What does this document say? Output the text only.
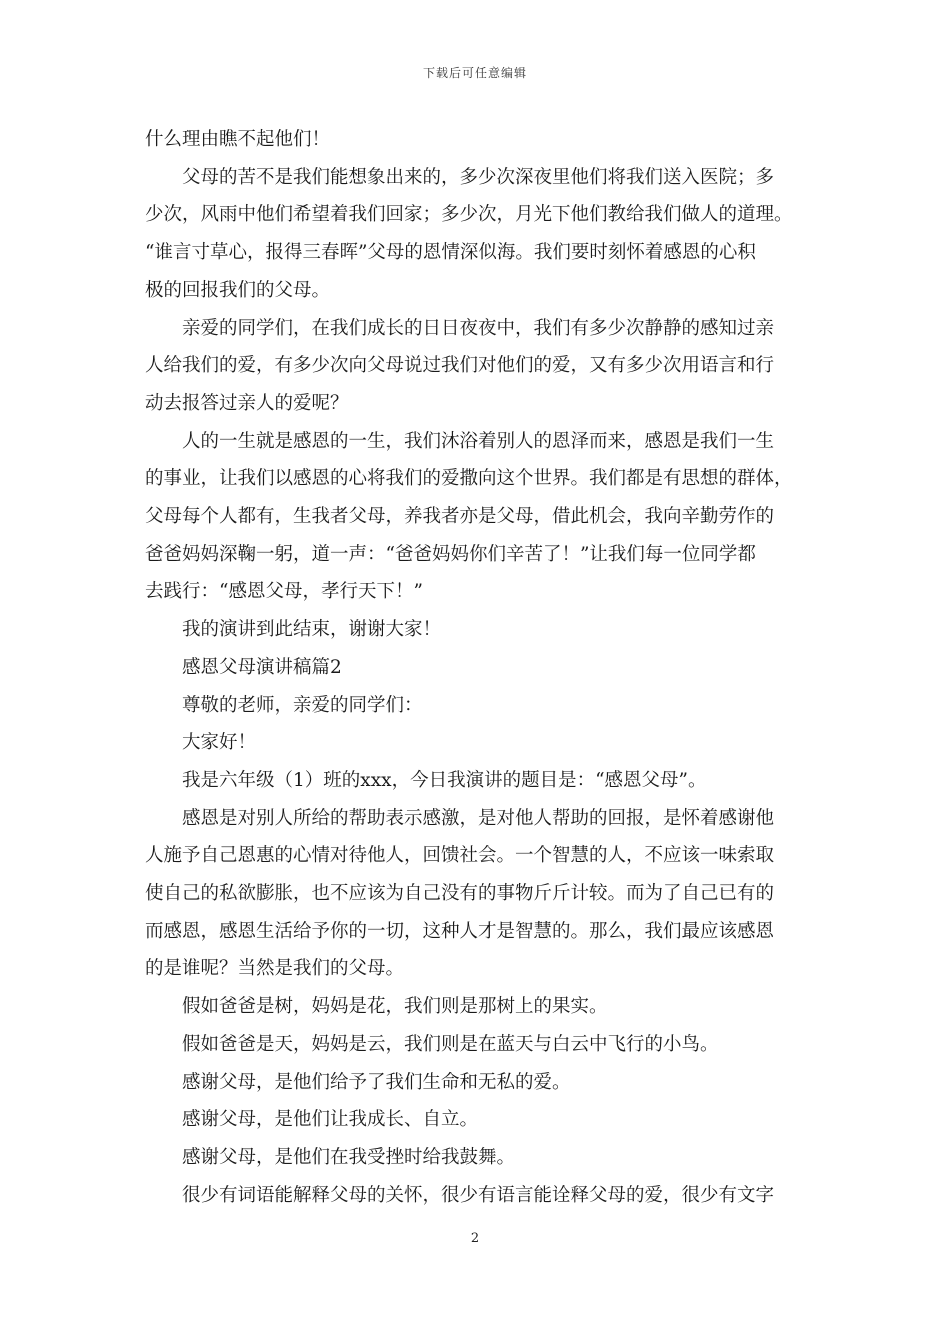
下载后可任意编辑

什么理由瞧不起他们！

父母的苦不是我们能想象出来的，多少次深夜里他们将我们送入医院；多

少次，风雨中他们希望着我们回家；多少次，月光下他们教给我们做人的道理。

“谁言寸草心，报得三春晖”父母的恩情深似海。我们要时刻怀着感恩的心积

极的回报我们的父母。

亲爱的同学们，在我们成长的日日夜夜中，我们有多少次静静的感知过亲

人给我们的爱，有多少次向父母说过我们对他们的爱，又有多少次用语言和行

动去报答过亲人的爱呢？

人的一生就是感恩的一生，我们沐浴着别人的恩泽而来，感恩是我们一生

的事业，让我们以感恩的心将我们的爱撒向这个世界。我们都是有思想的群体，

父母每个人都有，生我者父母，养我者亦是父母，借此机会，我向辛勤劳作的

爸爸妈妈深鞠一躬，道一声：“爸爸妈妈你们辛苦了！”让我们每一位同学都

去践行：“感恩父母，孝行天下！”

我的演讲到此结束，谢谢大家！

感恩父母演讲稿篇2

尊敬的老师，亲爱的同学们：

大家好！

我是六年级（1）班的xxx，今日我演讲的题目是：“感恩父母”。

感恩是对别人所给的帮助表示感激，是对他人帮助的回报，是怀着感谢他

人施予自己恩惠的心情对待他人，回馈社会。一个智慧的人，不应该一味索取

使自己的私欲膨胀，也不应该为自己没有的事物斤斤计较。而为了自己已有的

而感恩，感恩生活给予你的一切，这种人才是智慧的。那么，我们最应该感恩

的是谁呢？当然是我们的父母。

假如爸爸是树，妈妈是花，我们则是那树上的果实。

假如爸爸是天，妈妈是云，我们则是在蓝天与白云中飞行的小鸟。

感谢父母，是他们给予了我们生命和无私的爱。

感谢父母，是他们让我成长、自立。

感谢父母，是他们在我受挫时给我鼓舞。

很少有词语能解释父母的关怀，很少有语言能诠释父母的爱，很少有文字

2
